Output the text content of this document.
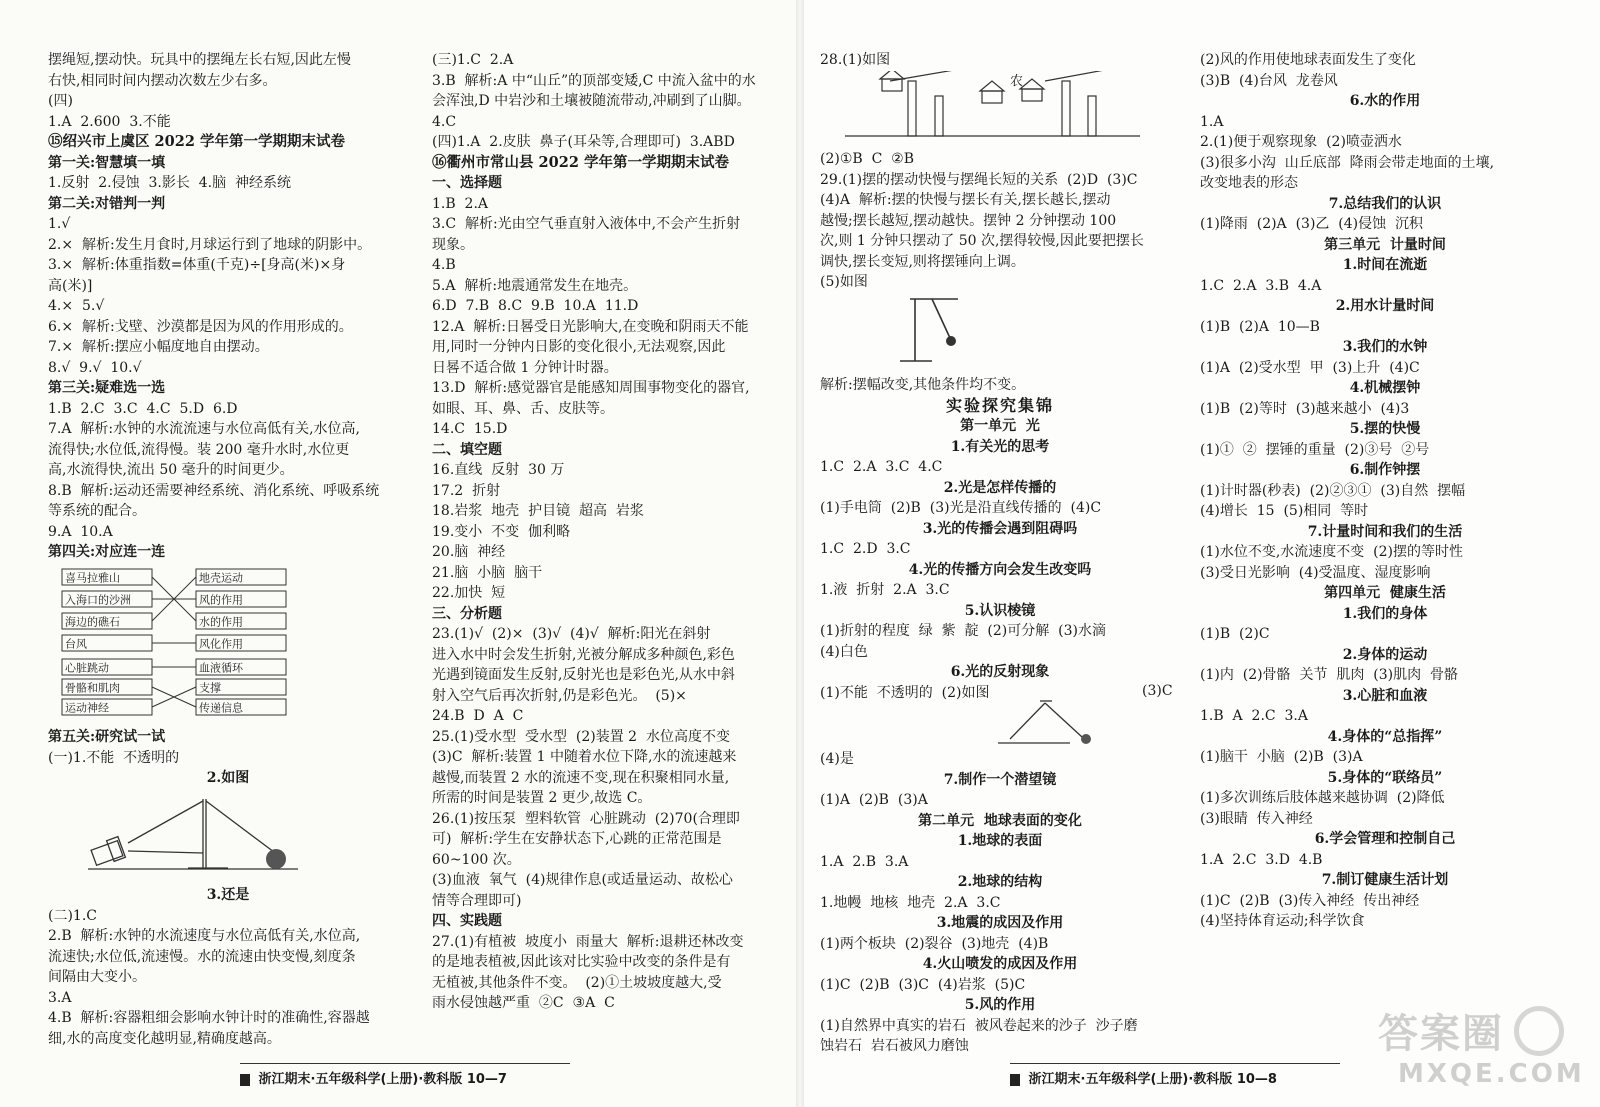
摆绳短,摆动快。玩具中的摆绳左长右短,因此左慢

右快,相同时间内摆动次数左少右多。

(四)

1.A  2.600  3.不能

⑮绍兴市上虞区 2022 学年第一学期期末试卷

第一关:智慧填一填

1.反射  2.侵蚀  3.影长  4.脑  神经系统

第二关:对错判一判

1.√

2.×  解析:发生月食时,月球运行到了地球的阴影中。

3.×  解析:体重指数=体重(千克)÷[身高(米)×身

高(米)]

4.×  5.√

6.×  解析:戈壁、沙漠都是因为风的作用形成的。

7.×  解析:摆应小幅度地自由摆动。

8.√  9.√  10.√

第三关:疑难选一选

1.B  2.C  3.C  4.C  5.D  6.D

7.A  解析:水钟的水流流速与水位高低有关,水位高,

流得快;水位低,流得慢。装 200 毫升水时,水位更

高,水流得快,流出 50 毫升的时间更少。

8.B  解析:运动还需要神经系统、消化系统、呼吸系统

等系统的配合。

9.A  10.A

第四关:对应连一连

喜马拉雅山
入海口的沙洲
海边的礁石
台风
地壳运动
风的作用
水的作用
风化作用
心脏跳动
骨骼和肌肉
运动神经
血液循环
支撑
传递信息

第五关:研究试一试

(一)1.不能  不透明的

2.如图

3.还是

(二)1.C

2.B  解析:水钟的水流速度与水位高低有关,水位高,

流速快;水位低,流速慢。水的流速由快变慢,刻度条

间隔由大变小。

3.A

4.B  解析:容器粗细会影响水钟计时的准确性,容器越

细,水的高度变化越明显,精确度越高。

(三)1.C  2.A

3.B  解析:A 中“山丘”的顶部变矮,C 中流入盆中的水

会浑浊,D 中岩沙和土壤被随流带动,冲刷到了山脚。

4.C

(四)1.A  2.皮肤  鼻子(耳朵等,合理即可)  3.ABD

⑯衢州市常山县 2022 学年第一学期期末试卷

一、选择题

1.B  2.A

3.C  解析:光由空气垂直射入液体中,不会产生折射

现象。

4.B

5.A  解析:地震通常发生在地壳。

6.D  7.B  8.C  9.B  10.A  11.D

12.A  解析:日晷受日光影响大,在变晚和阴雨天不能

用,同时一分钟内日影的变化很小,无法观察,因此

日晷不适合做 1 分钟计时器。

13.D  解析:感觉器官是能感知周围事物变化的器官,

如眼、耳、鼻、舌、皮肤等。

14.C  15.D

二、填空题

16.直线  反射  30 万

17.2  折射

18.岩浆  地壳  护目镜  超高  岩浆

19.变小  不变  伽利略

20.脑  神经

21.脑  小脑  脑干

22.加快  短

三、分析题

23.(1)√  (2)×  (3)√  (4)√  解析:阳光在斜射

进入水中时会发生折射,光被分解成多种颜色,彩色

光遇到镜面发生反射,反射光也是彩色光,从水中斜

射入空气后再次折射,仍是彩色光。  (5)×

24.B  D  A  C

25.(1)受水型  受水型  (2)装置 2  水位高度不变

(3)C  解析:装置 1 中随着水位下降,水的流速越来

越慢,而装置 2 水的流速不变,现在积聚相同水量,

所需的时间是装置 2 更少,故选 C。

26.(1)按压泵  塑料软管  心脏跳动  (2)70(合理即

可)  解析:学生在安静状态下,心跳的正常范围是

60~100 次。

(3)血液  氧气  (4)规律作息(或适量运动、故松心

情等合理即可)

四、实践题

27.(1)有植被  坡度小  雨量大  解析:退耕还林改变

的是地表植被,因此该对比实验中改变的条件是有

无植被,其他条件不变。  (2)①土坡坡度越大,受

雨水侵蚀越严重  ②C  ③A  C

28.(1)如图

农

(2)①B  C  ②B

29.(1)摆的摆动快慢与摆绳长短的关系  (2)D  (3)C

(4)A  解析:摆的快慢与摆长有关,摆长越长,摆动

越慢;摆长越短,摆动越快。摆钟 2 分钟摆动 100

次,则 1 分钟只摆动了 50 次,摆得较慢,因此要把摆长

调快,摆长变短,则将摆锤向上调。

(5)如图

解析:摆幅改变,其他条件均不变。

实验探究集锦

第一单元  光

1.有关光的思考

1.C  2.A  3.C  4.C

2.光是怎样传播的

(1)手电筒  (2)B  (3)光是沿直线传播的  (4)C

3.光的传播会遇到阻碍吗

1.C  2.D  3.C

4.光的传播方向会发生改变吗

1.液  折射  2.A  3.C

5.认识棱镜

(1)折射的程度  绿  紫  靛  (2)可分解  (3)水滴

(4)白色

6.光的反射现象

(1)不能  不透明的  (2)如图	(3)C

(4)是

7.制作一个潜望镜

(1)A  (2)B  (3)A

第二单元  地球表面的变化

1.地球的表面

1.A  2.B  3.A

2.地球的结构

1.地幔  地核  地壳  2.A  3.C

3.地震的成因及作用

(1)两个板块  (2)裂谷  (3)地壳  (4)B

4.火山喷发的成因及作用

(1)C  (2)B  (3)C  (4)岩浆  (5)C

5.风的作用

(1)自然界中真实的岩石  被风卷起来的沙子  沙子磨

蚀岩石  岩石被风力磨蚀

(2)风的作用使地球表面发生了变化

(3)B  (4)台风  龙卷风

6.水的作用

1.A

2.(1)便于观察现象  (2)喷壶洒水

(3)很多小沟  山丘底部  降雨会带走地面的土壤,

改变地表的形态

7.总结我们的认识

(1)降雨  (2)A  (3)乙  (4)侵蚀  沉积

第三单元  计量时间

1.时间在流逝

1.C  2.A  3.B  4.A

2.用水计量时间

(1)B  (2)A  10—B

3.我们的水钟

(1)A  (2)受水型  甲  (3)上升  (4)C

4.机械摆钟

(1)B  (2)等时  (3)越来越小  (4)3

5.摆的快慢

(1)①  ②  摆锤的重量  (2)③号  ②号

6.制作钟摆

(1)计时器(秒表)  (2)②③①  (3)自然  摆幅

(4)增长  15  (5)相同  等时

7.计量时间和我们的生活

(1)水位不变,水流速度不变  (2)摆的等时性

(3)受日光影响  (4)受温度、湿度影响

第四单元  健康生活

1.我们的身体

(1)B  (2)C

2.身体的运动

(1)内  (2)骨骼  关节  肌肉  (3)肌肉  骨骼

3.心脏和血液

1.B  A  2.C  3.A

4.身体的“总指挥”

(1)脑干  小脑  (2)B  (3)A

5.身体的“联络员”

(1)多次训练后肢体越来越协调  (2)降低

(3)眼睛  传入神经

6.学会管理和控制自己

1.A  2.C  3.D  4.B

7.制订健康生活计划

(1)C  (2)B  (3)传入神经  传出神经

(4)坚持体育运动;科学饮食

浙江期末·五年级科学(上册)·教科版 10—7	浙江期末·五年级科学(上册)·教科版 10—8
答案圈
MXQE.COM
